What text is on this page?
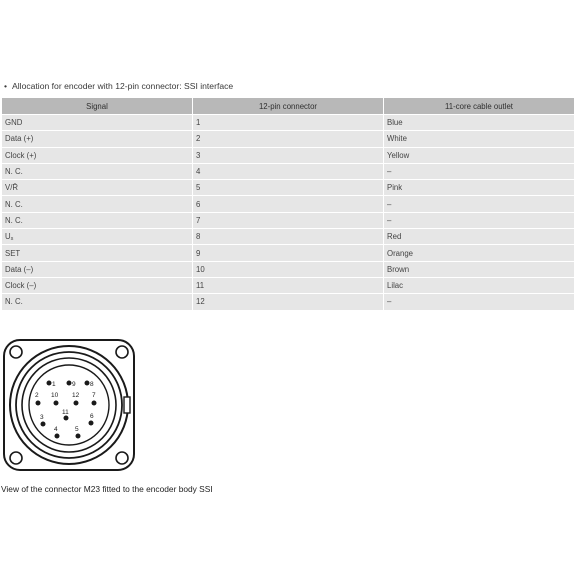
• Allocation for encoder with 12-pin connector: SSI interface
Signal	12-pin connector	11-core cable outlet
GND	1	Blue
Data (+)	2	White
Clock (+)	3	Yellow
N. C.	4	–
V/R̄	5	Pink
N. C.	6	–
N. C.	7	–
Us	8	Red
SET	9	Orange
Data (–)	10	Brown
Clock (–)	11	Lilac
N. C.	12	–
1	9 8
2 10 12 7
11
3	6
4	5
View of the connector M23 fitted to the encoder body SSI
